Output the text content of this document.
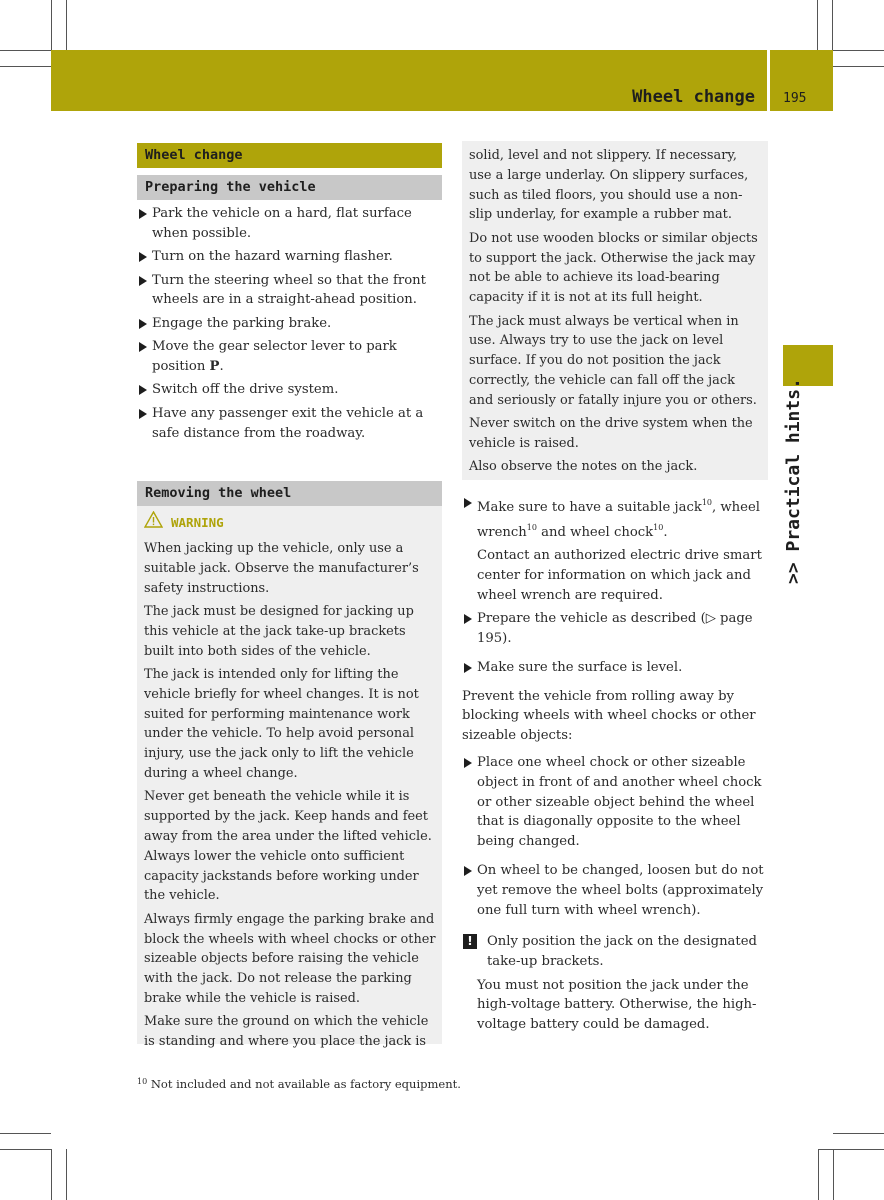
Wheel change 195
>> Practical hints.
Wheel change
Preparing the vehicle
Park the vehicle on a hard, flat surface when possible.
Turn on the hazard warning flasher.
Turn the steering wheel so that the front wheels are in a straight-ahead position.
Engage the parking brake.
Move the gear selector lever to park position P.
Switch off the drive system.
Have any passenger exit the vehicle at a safe distance from the roadway.
Removing the wheel
WARNING

When jacking up the vehicle, only use a suitable jack. Observe the manufacturer’s safety instructions.

The jack must be designed for jacking up this vehicle at the jack take-up brackets built into both sides of the vehicle.

The jack is intended only for lifting the vehicle briefly for wheel changes. It is not suited for performing maintenance work under the vehicle. To help avoid personal injury, use the jack only to lift the vehicle during a wheel change.

Never get beneath the vehicle while it is supported by the jack. Keep hands and feet away from the area under the lifted vehicle. Always lower the vehicle onto sufficient capacity jackstands before working under the vehicle.

Always firmly engage the parking brake and block the wheels with wheel chocks or other sizeable objects before raising the vehicle with the jack. Do not release the parking brake while the vehicle is raised.

Make sure the ground on which the vehicle is standing and where you place the jack is

solid, level and not slippery. If necessary, use a large underlay. On slippery surfaces, such as tiled floors, you should use a non-slip underlay, for example a rubber mat.

Do not use wooden blocks or similar objects to support the jack. Otherwise the jack may not be able to achieve its load-bearing capacity if it is not at its full height.

The jack must always be vertical when in use. Always try to use the jack on level surface. If you do not position the jack correctly, the vehicle can fall off the jack and seriously or fatally injure you or others.

Never switch on the drive system when the vehicle is raised.

Also observe the notes on the jack.

Make sure to have a suitable jack$^{10}$, wheel wrench$^{10}$ and wheel chock$^{10}$.
Contact an authorized electric drive smart center for information on which jack and wheel wrench are required.
Prepare the vehicle as described (▷ page 195).
Make sure the surface is level.

Prevent the vehicle from rolling away by blocking wheels with wheel chocks or other sizeable objects:

Place one wheel chock or other sizeable object in front of and another wheel chock or other sizeable object behind the wheel that is diagonally opposite to the wheel being changed.
On wheel to be changed, loosen but do not yet remove the wheel bolts (approximately one full turn with wheel wrench).
!	Only position the jack on the designated take-up brackets.
You must not position the jack under the high-voltage battery. Otherwise, the high-voltage battery could be damaged.
$^{10}$ Not included and not available as factory equipment.
